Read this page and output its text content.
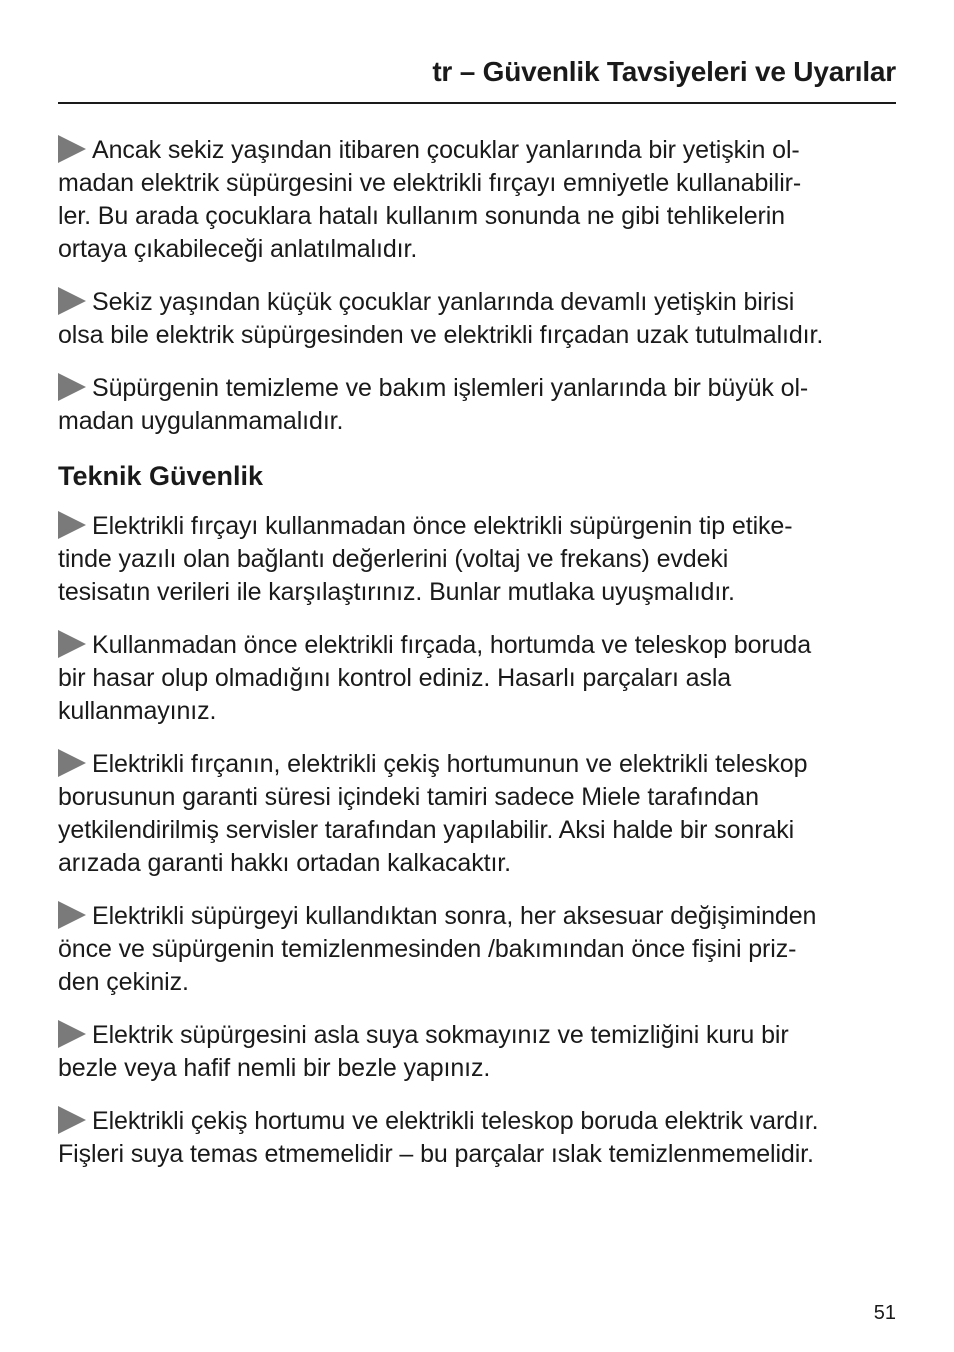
tr – Güvenlik Tavsiyeleri ve Uyarılar
Ancak sekiz yaşından itibaren çocuklar yanlarında bir yetişkin ol-
madan elektrik süpürgesini ve elektrikli fırçayı emniyetle kullanabilir-
ler. Bu arada çocuklara hatalı kullanım sonunda ne gibi tehlikelerin
ortaya çıkabileceği anlatılmalıdır.
Sekiz yaşından küçük çocuklar yanlarında devamlı yetişkin birisi
olsa bile elektrik süpürgesinden ve elektrikli fırçadan uzak tutulmalıdır.
Süpürgenin temizleme ve bakım işlemleri yanlarında bir büyük ol-
madan uygulanmamalıdır.
Teknik Güvenlik
Elektrikli fırçayı kullanmadan önce elektrikli süpürgenin tip etike-
tinde yazılı olan bağlantı değerlerini (voltaj ve frekans) evdeki
tesisatın verileri ile karşılaştırınız. Bunlar mutlaka uyuşmalıdır.
Kullanmadan önce elektrikli fırçada, hortumda ve teleskop boruda
bir hasar olup olmadığını kontrol ediniz. Hasarlı parçaları asla
kullanmayınız.
Elektrikli fırçanın, elektrikli çekiş hortumunun ve elektrikli teleskop
borusunun garanti süresi içindeki tamiri sadece Miele tarafından
yetkilendirilmiş servisler tarafından yapılabilir. Aksi halde bir sonraki
arızada garanti hakkı ortadan kalkacaktır.
Elektrikli süpürgeyi kullandıktan sonra, her aksesuar değişiminden
önce ve süpürgenin temizlenmesinden /bakımından önce fişini priz-
den çekiniz.
Elektrik süpürgesini asla suya sokmayınız ve temizliğini kuru bir
bezle veya hafif nemli bir bezle yapınız.
Elektrikli çekiş hortumu ve elektrikli teleskop boruda elektrik vardır.
Fişleri suya temas etmemelidir – bu parçalar ıslak temizlenmemelidir.
51
